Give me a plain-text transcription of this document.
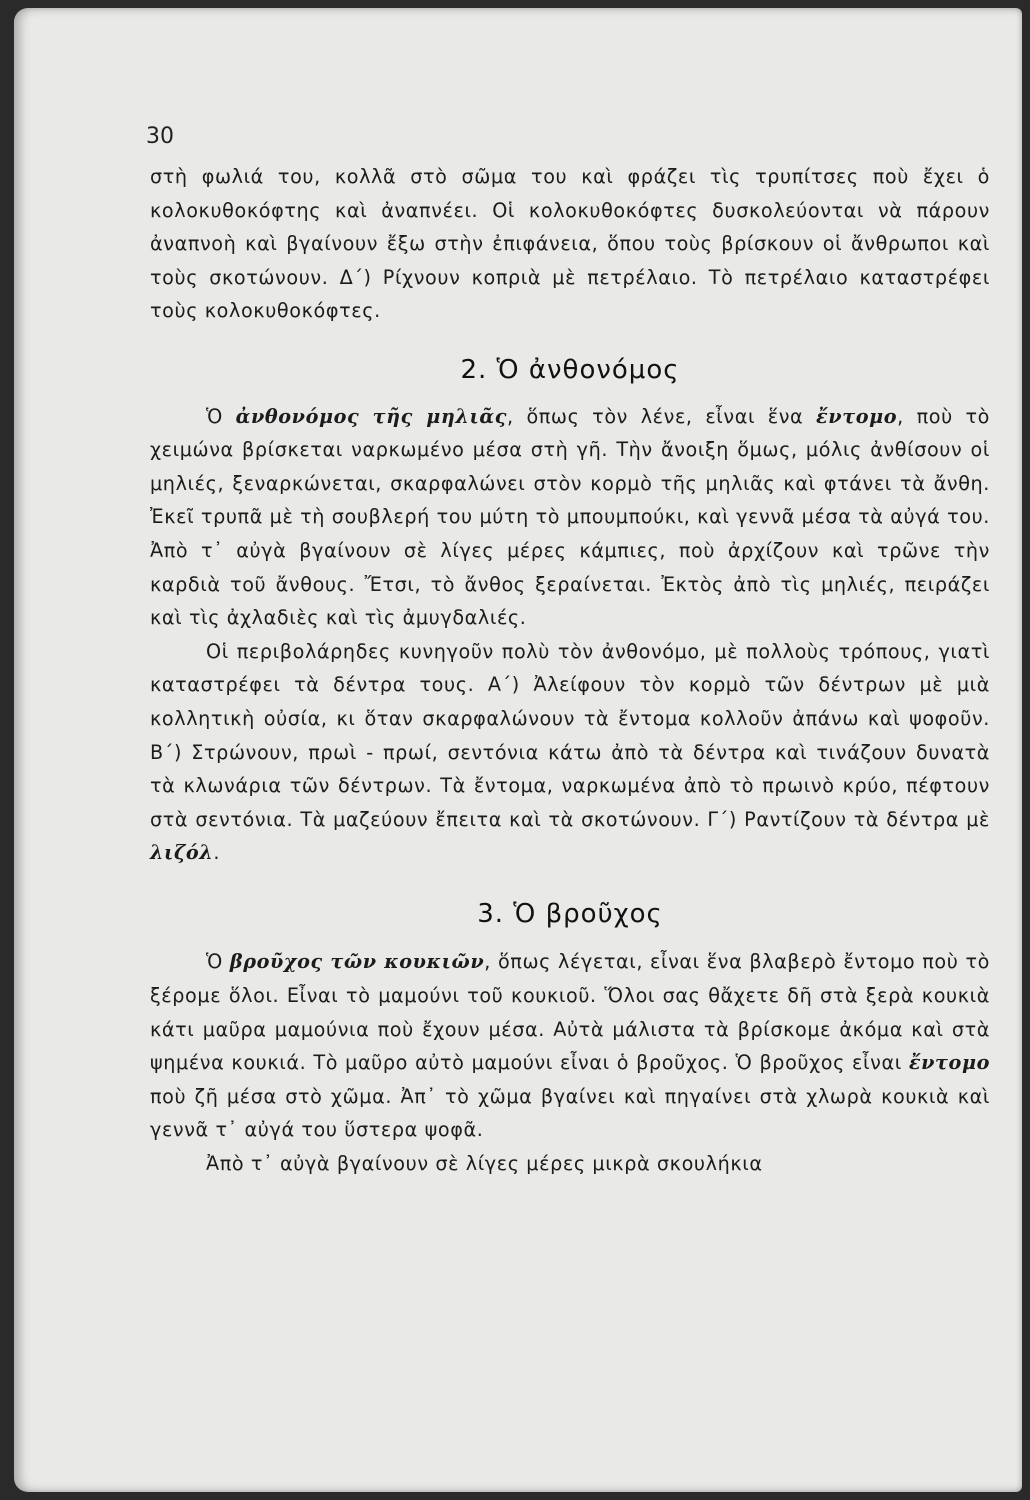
30

στὴ φωλιά του, κολλᾶ στὸ σῶμα του καὶ φράζει τὶς τρυπίτσες ποὺ ἔχει ὁ κολοκυθοκόφτης καὶ ἀναπνέει. Οἱ κολοκυθοκόφτες δυσκολεύονται νὰ πάρουν ἀναπνοὴ καὶ βγαίνουν ἔξω στὴν ἐπιφάνεια, ὅπου τοὺς βρίσκουν οἱ ἄνθρωποι καὶ τοὺς σκοτώνουν. Δ΄) Ρίχνουν κοπριὰ μὲ πετρέλαιο. Τὸ πετρέλαιο καταστρέφει τοὺς κολοκυθοκόφτες.

2. Ὁ ἀνθονόμος

Ὁ ἀνθονόμος τῆς μηλιᾶς, ὅπως τὸν λένε, εἶναι ἕνα ἔντομο, ποὺ τὸ χειμώνα βρίσκεται ναρκωμένο μέσα στὴ γῆ. Τὴν ἄνοιξη ὅμως, μόλις ἀνθίσουν οἱ μηλιές, ξεναρκώνεται, σκαρφαλώνει στὸν κορμὸ τῆς μηλιᾶς καὶ φτάνει τὰ ἄνθη. Ἐκεῖ τρυπᾶ μὲ τὴ σουβλερή του μύτη τὸ μπουμπούκι, καὶ γεννᾶ μέσα τὰ αὐγά του. Ἀπὸ τ᾿ αὐγὰ βγαίνουν σὲ λίγες μέρες κάμπιες, ποὺ ἀρχίζουν καὶ τρῶνε τὴν καρδιὰ τοῦ ἄνθους. Ἔτσι, τὸ ἄνθος ξεραίνεται. Ἐκτὸς ἀπὸ τὶς μηλιές, πειράζει καὶ τὶς ἀχλαδιὲς καὶ τὶς ἀμυγδαλιές.

Οἱ περιβολάρηδες κυνηγοῦν πολὺ τὸν ἀνθονόμο, μὲ πολλοὺς τρόπους, γιατὶ καταστρέφει τὰ δέντρα τους. Α΄) Ἀλείφουν τὸν κορμὸ τῶν δέντρων μὲ μιὰ κολλητικὴ οὐσία, κι ὅταν σκαρφαλώνουν τὰ ἔντομα κολλοῦν ἀπάνω καὶ ψοφοῦν. Β΄) Στρώνουν, πρωὶ - πρωί, σεντόνια κάτω ἀπὸ τὰ δέντρα καὶ τινάζουν δυνατὰ τὰ κλωνάρια τῶν δέντρων. Τὰ ἔντομα, ναρκωμένα ἀπὸ τὸ πρωινὸ κρύο, πέφτουν στὰ σεντόνια. Τὰ μαζεύουν ἔπειτα καὶ τὰ σκοτώνουν. Γ΄) Ραντίζουν τὰ δέντρα μὲ λιζόλ.

3. Ὁ βροῦχος

Ὁ βροῦχος τῶν κουκιῶν, ὅπως λέγεται, εἶναι ἕνα βλαβερὸ ἔντομο ποὺ τὸ ξέρομε ὅλοι. Εἶναι τὸ μαμούνι τοῦ κουκιοῦ. Ὅλοι σας θἄχετε δῆ στὰ ξερὰ κουκιὰ κάτι μαῦρα μαμούνια ποὺ ἔχουν μέσα. Αὐτὰ μάλιστα τὰ βρίσκομε ἀκόμα καὶ στὰ ψημένα κουκιά. Τὸ μαῦρο αὐτὸ μαμούνι εἶναι ὁ βροῦχος. Ὁ βροῦχος εἶναι ἔντομο ποὺ ζῆ μέσα στὸ χῶμα. Ἀπ᾿ τὸ χῶμα βγαίνει καὶ πηγαίνει στὰ χλωρὰ κουκιὰ καὶ γεννᾶ τ᾿ αὐγά του ὕστερα ψοφᾶ.

Ἀπὸ τ᾿ αὐγὰ βγαίνουν σὲ λίγες μέρες μικρὰ σκουλήκια
